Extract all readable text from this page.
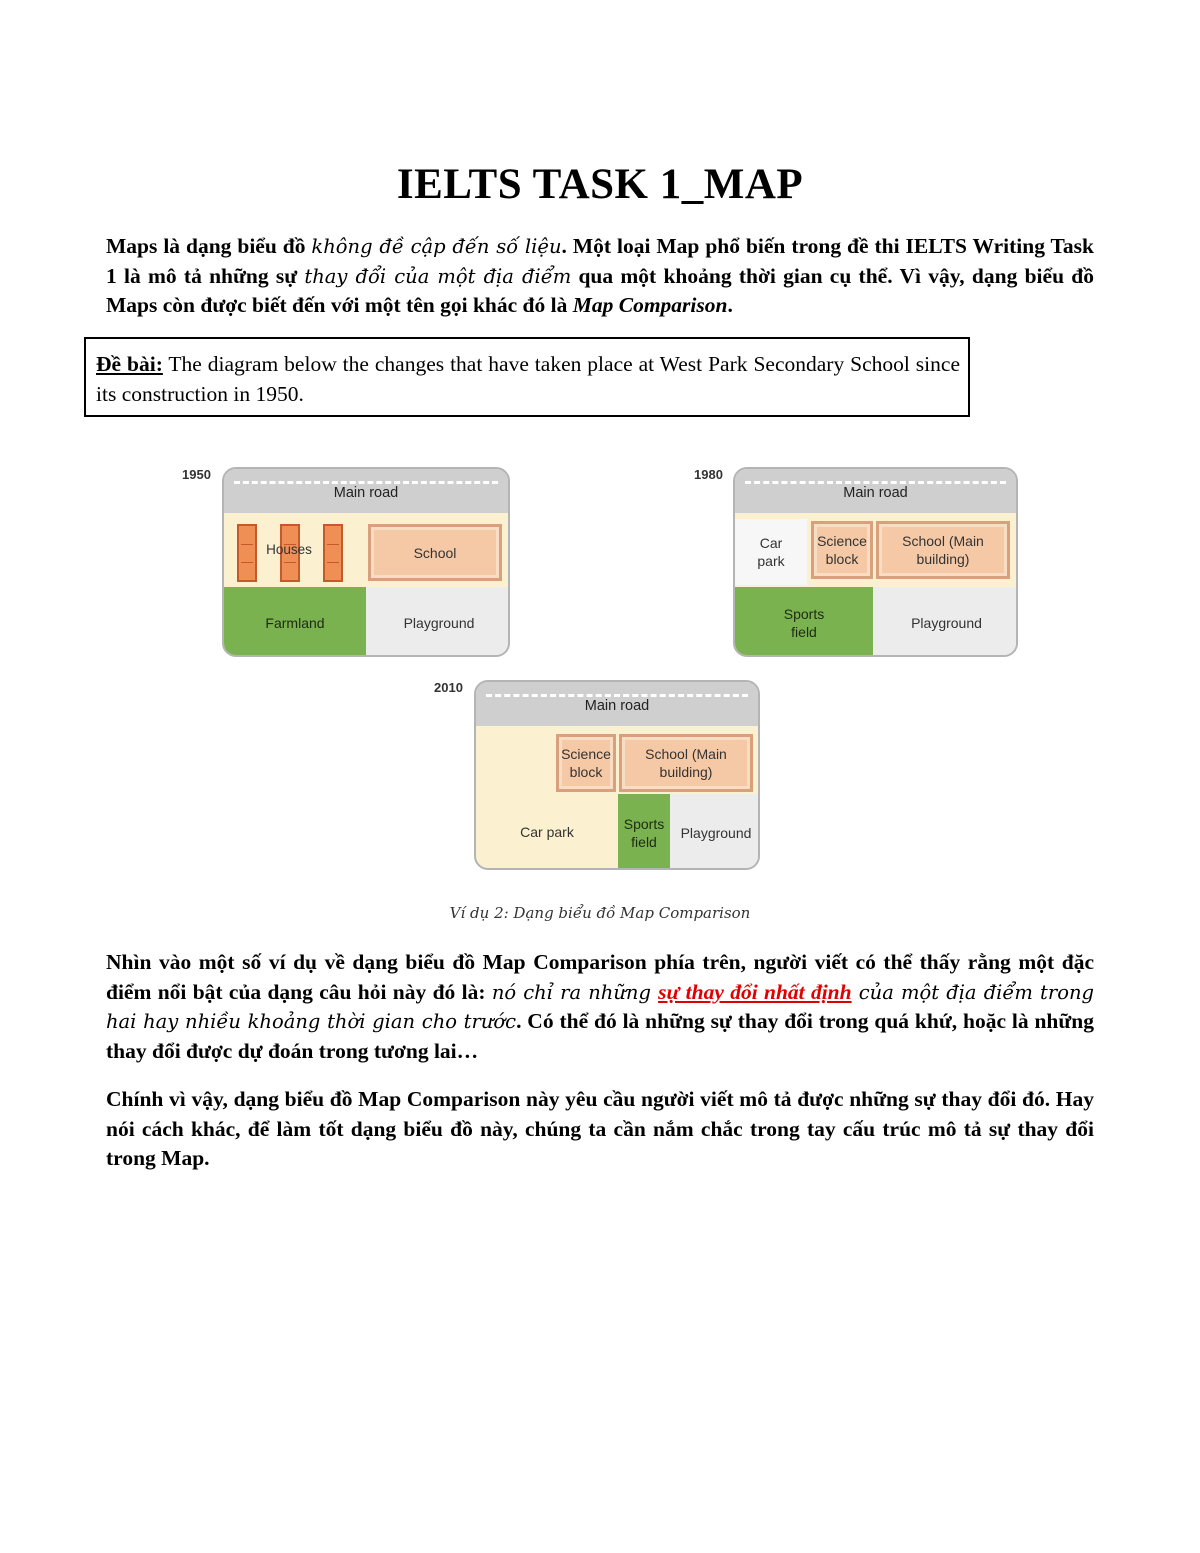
IELTS TASK 1_MAP

Maps là dạng biểu đồ không đề cập đến số liệu. Một loại Map phổ biến trong đề thi IELTS Writing Task 1 là mô tả những sự thay đổi của một địa điểm qua một khoảng thời gian cụ thể. Vì vậy, dạng biểu đồ Maps còn được biết đến với một tên gọi khác đó là Map Comparison.

Đề bài: The diagram below the changes that have taken place at West Park Secondary School since its construction in 1950.

1950
Main road
Houses	School
Farmland	Playground
1980
Main road
Car park
Science block
School (Main building)
Sports field
Playground
2010
Main road
Science block
School (Main building)
Car park	Sports field
Playground
Ví dụ 2: Dạng biểu đồ Map Comparison

Nhìn vào một số ví dụ về dạng biểu đồ Map Comparison phía trên, người viết có thể thấy rằng một đặc điểm nổi bật của dạng câu hỏi này đó là: nó chỉ ra những sự thay đổi nhất định của một địa điểm trong hai hay nhiều khoảng thời gian cho trước. Có thể đó là những sự thay đổi trong quá khứ, hoặc là những thay đổi được dự đoán trong tương lai…

Chính vì vậy, dạng biểu đồ Map Comparison này yêu cầu người viết mô tả được những sự thay đổi đó. Hay nói cách khác, để làm tốt dạng biểu đồ này, chúng ta cần nắm chắc trong tay cấu trúc mô tả sự thay đổi trong Map.
